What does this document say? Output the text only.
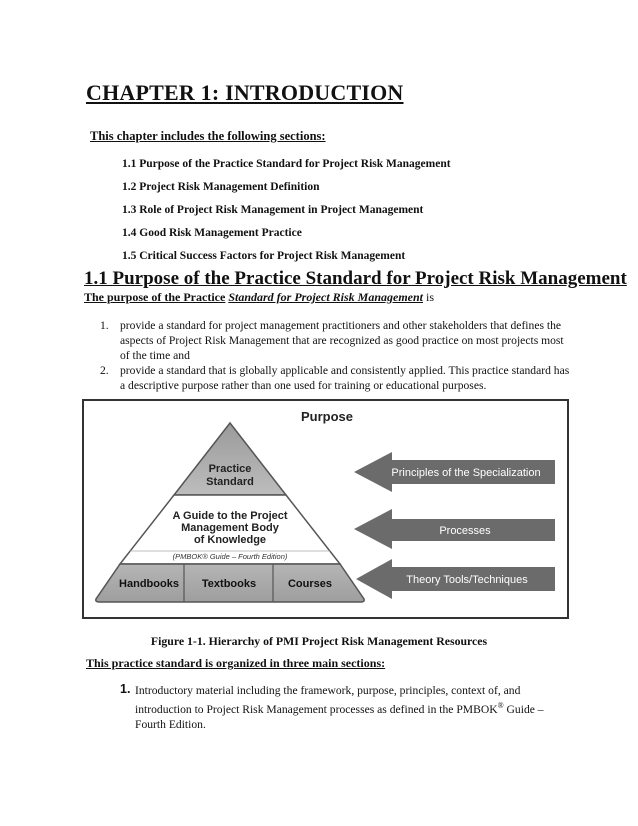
CHAPTER 1: INTRODUCTION
This chapter includes the following sections:
1.1 Purpose of the Practice Standard for Project Risk Management
1.2 Project Risk Management Definition
1.3 Role of Project Risk Management in Project Management
1.4 Good Risk Management Practice
1.5 Critical Success Factors for Project Risk Management
1.1 Purpose of the Practice Standard for Project Risk Management
The purpose of the Practice Standard for Project Risk Management is
1. provide a standard for project management practitioners and other stakeholders that defines the aspects of Project Risk Management that are recognized as good practice on most projects most of the time and
2. provide a standard that is globally applicable and consistently applied. This practice standard has a descriptive purpose rather than one used for training or educational purposes.
Practice
Standard
A Guide to the Project
Management Body
of Knowledge
(PMBOK® Guide – Fourth Edition)
Handbooks Textbooks	Courses
Purpose
Principles of the Specialization
Processes
Theory Tools/Techniques
Figure 1-1. Hierarchy of PMI Project Risk Management Resources
This practice standard is organized in three main sections:
1. Introductory material including the framework, purpose, principles, context of, and introduction to Project Risk Management processes as defined in the PMBOK® Guide – Fourth Edition.
